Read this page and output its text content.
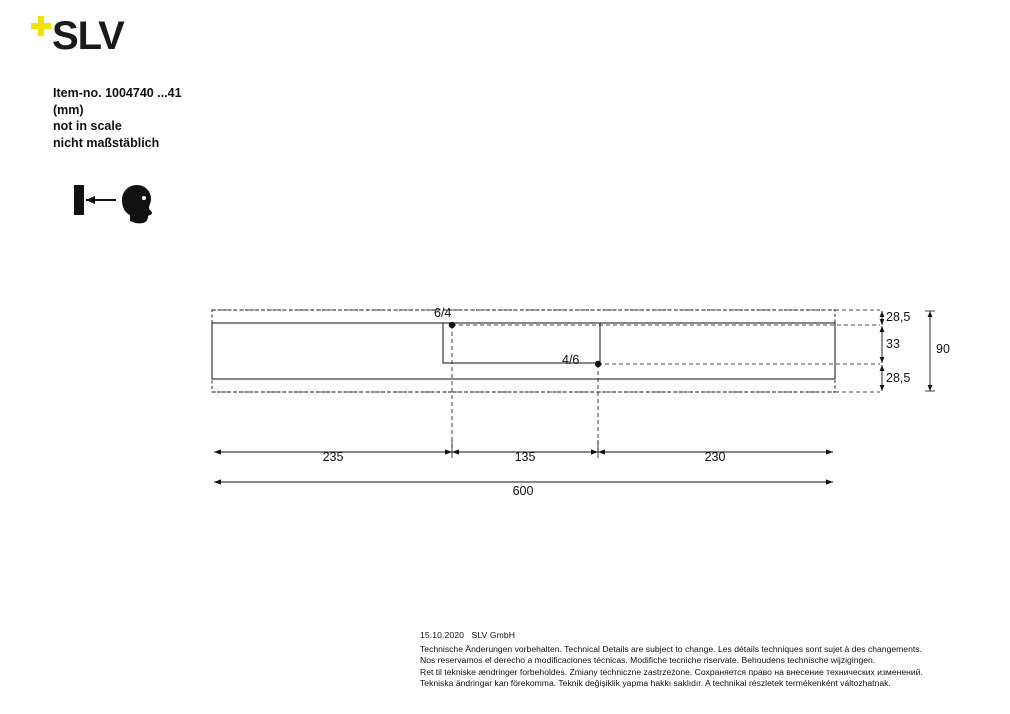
SLV
Item-no. 1004740 ...41
(mm)
not in scale
nicht maßstäblich
6/4
4/6
28,5
33
28,5
90
235	135	230
600
15.10.2020 SLV GmbH

Technische Änderungen vorbehalten. Technical Details are subject to change. Les détails techniques sont sujet à des changements.

Nos reservamos el derecho a modificaciones técnicas. Modifiche tecniche riservate. Behoudens technische wijzigingen.

Ret til tekniske ændringer forbeholdes. Zmiany techniczne zastrzeżone. Сохраняется право на внесение технических изменений.

Tekniska ändringar kan förekomma. Teknik değişiklik yapma hakkı saklıdır. A technikai részletek termékenként változhatnak.
